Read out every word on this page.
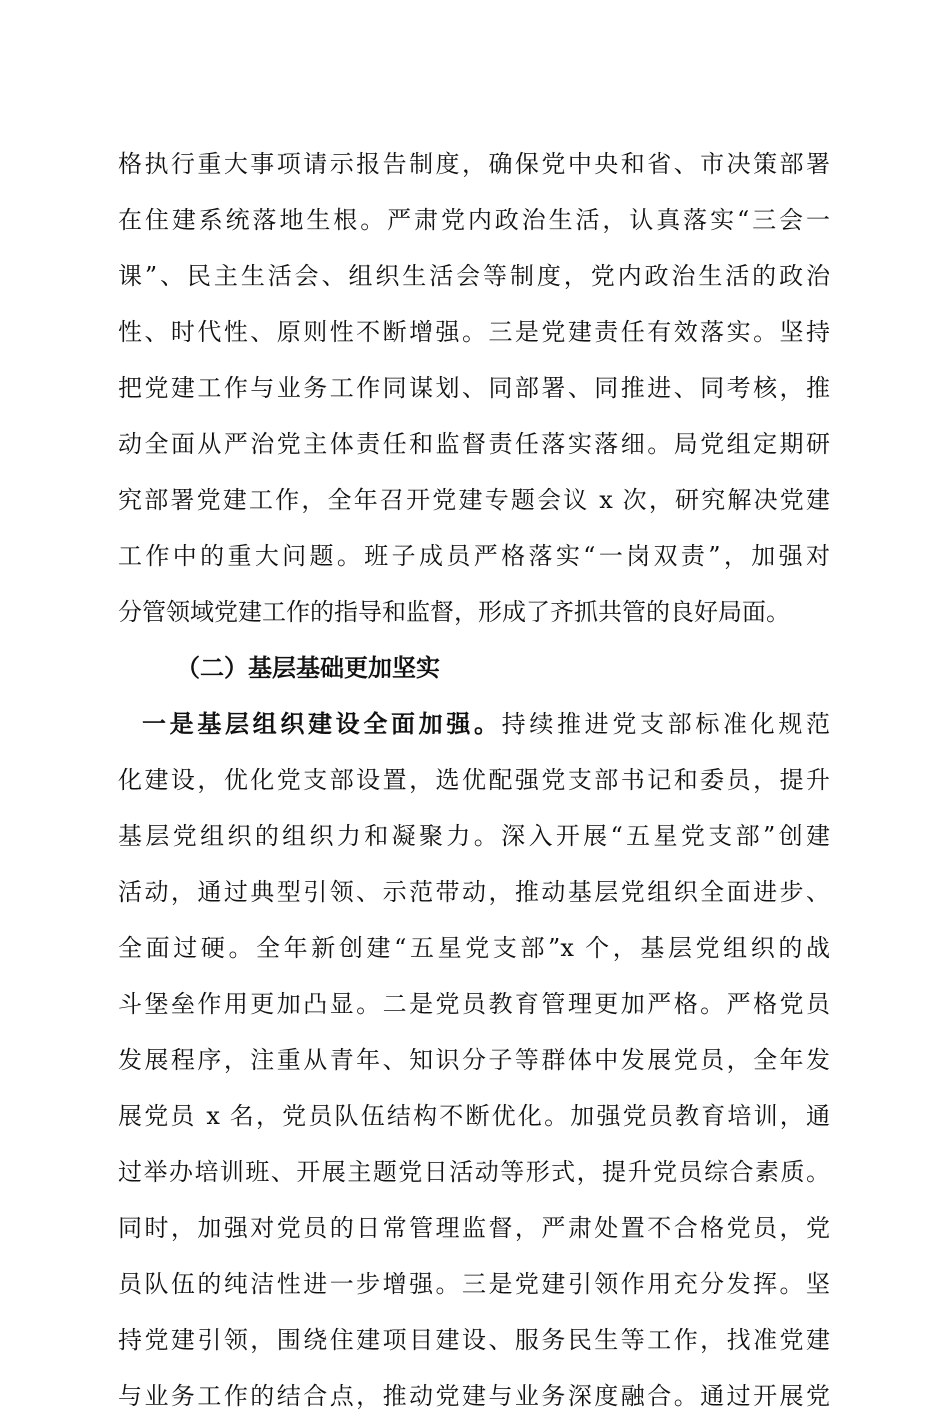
格执行重大事项请示报告制度，确保党中央和省、市决策部署
在住建系统落地生根。严肃党内政治生活，认真落实“三会一
课”、民主生活会、组织生活会等制度，党内政治生活的政治
性、时代性、原则性不断增强。三是党建责任有效落实。坚持
把党建工作与业务工作同谋划、同部署、同推进、同考核，推
动全面从严治党主体责任和监督责任落实落细。局党组定期研
究部署党建工作，全年召开党建专题会议 x 次，研究解决党建
工作中的重大问题。班子成员严格落实“一岗双责”，加强对
分管领域党建工作的指导和监督，形成了齐抓共管的良好局面。
（二）基层基础更加坚实
一是基层组织建设全面加强。持续推进党支部标准化规范
化建设，优化党支部设置，选优配强党支部书记和委员，提升
基层党组织的组织力和凝聚力。深入开展“五星党支部”创建
活动，通过典型引领、示范带动，推动基层党组织全面进步、
全面过硬。全年新创建“五星党支部”x 个，基层党组织的战
斗堡垒作用更加凸显。二是党员教育管理更加严格。严格党员
发展程序，注重从青年、知识分子等群体中发展党员，全年发
展党员 x 名，党员队伍结构不断优化。加强党员教育培训，通
过举办培训班、开展主题党日活动等形式，提升党员综合素质。
同时，加强对党员的日常管理监督，严肃处置不合格党员，党
员队伍的纯洁性进一步增强。三是党建引领作用充分发挥。坚
持党建引领，围绕住建项目建设、服务民生等工作，找准党建
与业务工作的结合点，推动党建与业务深度融合。通过开展党
